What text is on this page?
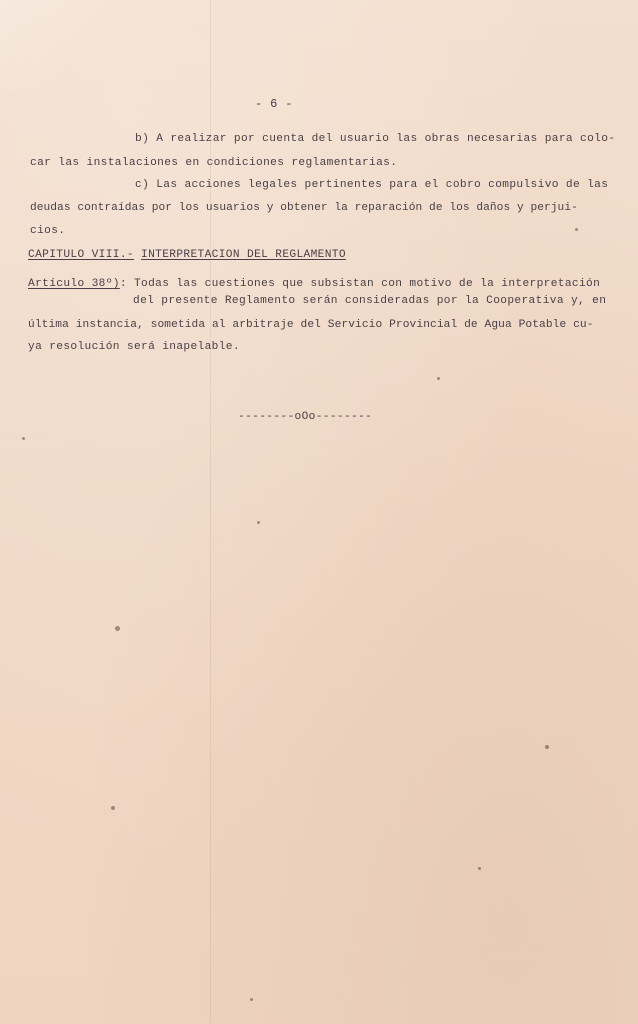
- 6 -
b) A realizar por cuenta del usuario las obras necesarias para colo-
car las instalaciones en condiciones reglamentarias.
c) Las acciones legales pertinentes para el cobro compulsivo de las
deudas contraídas por los usuarios y obtener la reparación de los daños y perjui-
cios.
CAPITULO VIII.- INTERPRETACION DEL REGLAMENTO
Artículo 38º): Todas las cuestiones que subsistan con motivo de la interpretación
del presente Reglamento serán consideradas por la Cooperativa y, en
última instancia, sometida al arbitraje del Servicio Provincial de Agua Potable cu-
ya resolución será inapelable.
--------oOo--------
